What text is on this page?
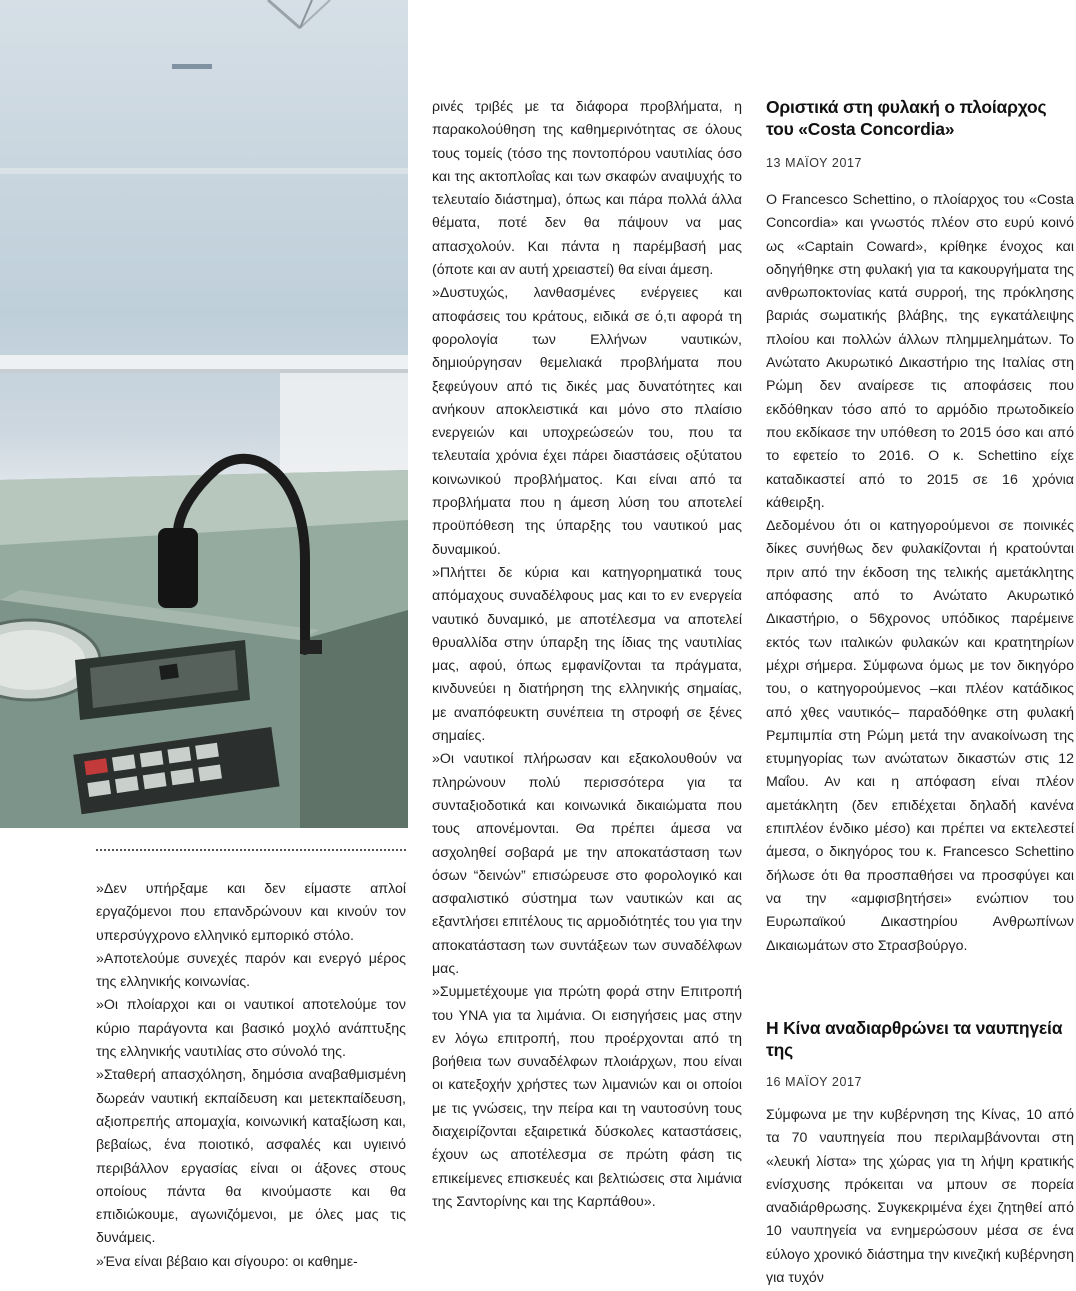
»Δεν υπήρξαμε και δεν είμαστε απλοί εργαζόμενοι που επανδρώνουν και κινούν τον υπερσύγχρονο ελληνικό εμπορικό στόλο.

»Αποτελούμε συνεχές παρόν και ενεργό μέρος της ελληνικής κοινωνίας.

»Οι πλοίαρχοι και οι ναυτικοί αποτελούμε τον κύριο παράγοντα και βασικό μοχλό ανάπτυξης της ελληνικής ναυτιλίας στο σύνολό της.

»Σταθερή απασχόληση, δημόσια αναβαθμισμένη δωρεάν ναυτική εκπαίδευση και μετεκπαίδευση, αξιοπρεπής απομαχία, κοινωνική καταξίωση και, βεβαίως, ένα ποιοτικό, ασφαλές και υγιεινό περιβάλλον εργασίας είναι οι άξονες στους οποίους πάντα θα κινούμαστε και θα επιδιώκουμε, αγωνιζόμενοι, με όλες μας τις δυνάμεις.

»Ένα είναι βέβαιο και σίγουρο: οι καθημε-

ρινές τριβές με τα διάφορα προβλήματα, η παρακολούθηση της καθημερινότητας σε όλους τους τομείς (τόσο της ποντοπόρου ναυτιλίας όσο και της ακτοπλοΐας και των σκαφών αναψυχής το τελευταίο διάστημα), όπως και πάρα πολλά άλλα θέματα, ποτέ δεν θα πάψουν να μας απασχολούν. Και πάντα η παρέμβασή μας (όποτε και αν αυτή χρειαστεί) θα είναι άμεση.

»Δυστυχώς, λανθασμένες ενέργειες και αποφάσεις του κράτους, ειδικά σε ό,τι αφορά τη φορολογία των Ελλήνων ναυτικών, δημιούργησαν θεμελιακά προβλήματα που ξεφεύγουν από τις δικές μας δυνατότητες και ανήκουν αποκλειστικά και μόνο στο πλαίσιο ενεργειών και υποχρεώσεών του, που τα τελευταία χρόνια έχει πάρει διαστάσεις οξύτατου κοινωνικού προβλήματος. Και είναι από τα προβλήματα που η άμεση λύση του αποτελεί προϋπόθεση της ύπαρξης του ναυτικού μας δυναμικού.

»Πλήττει δε κύρια και κατηγορηματικά τους απόμαχους συναδέλφους μας και το εν ενεργεία ναυτικό δυναμικό, με αποτέλεσμα να αποτελεί θρυαλλίδα στην ύπαρξη της ίδιας της ναυτιλίας μας, αφού, όπως εμφανίζονται τα πράγματα, κινδυνεύει η διατήρηση της ελληνικής σημαίας, με αναπόφευκτη συνέπεια τη στροφή σε ξένες σημαίες.

»Οι ναυτικοί πλήρωσαν και εξακολουθούν να πληρώνουν πολύ περισσότερα για τα συνταξιοδοτικά και κοινωνικά δικαιώματα που τους απονέμονται. Θα πρέπει άμεσα να ασχοληθεί σοβαρά με την αποκατάσταση των όσων “δεινών” επισώρευσε στο φορολογικό και ασφαλιστικό σύστημα των ναυτικών και ας εξαντλήσει επιτέλους τις αρμοδιότητές του για την αποκατάσταση των συντάξεων των συναδέλφων μας.

»Συμμετέχουμε για πρώτη φορά στην Επιτροπή του ΥΝΑ για τα λιμάνια. Οι εισηγήσεις μας στην εν λόγω επιτροπή, που προέρχονται από τη βοήθεια των συναδέλφων πλοιάρχων, που είναι οι κατεξοχήν χρήστες των λιμανιών και οι οποίοι με τις γνώσεις, την πείρα και τη ναυτοσύνη τους διαχειρίζονται εξαιρετικά δύσκολες καταστάσεις, έχουν ως αποτέλεσμα σε πρώτη φάση τις επικείμενες επισκευές και βελτιώσεις στα λιμάνια της Σαντορίνης και της Καρπάθου».

Οριστικά στη φυλακή ο πλοίαρχος του «Costa Concordia»

13 ΜΑΪΟΥ 2017

Ο Francesco Schettino, ο πλοίαρχος του «Costa Concordia» και γνωστός πλέον στο ευρύ κοινό ως «Captain Coward», κρίθηκε ένοχος και οδηγήθηκε στη φυλακή για τα κακουργήματα της ανθρωποκτονίας κατά συρροή, της πρόκλησης βαριάς σωματικής βλάβης, της εγκατάλειψης πλοίου και πολλών άλλων πλημμελημάτων. Το Ανώτατο Ακυρωτικό Δικαστήριο της Ιταλίας στη Ρώμη δεν αναίρεσε τις αποφάσεις που εκδόθηκαν τόσο από το αρμόδιο πρωτοδικείο που εκδίκασε την υπόθεση το 2015 όσο και από το εφετείο το 2016. Ο κ. Schettino είχε καταδικαστεί από το 2015 σε 16 χρόνια κάθειρξη.

Δεδομένου ότι οι κατηγορούμενοι σε ποινικές δίκες συνήθως δεν φυλακίζονται ή κρατούνται πριν από την έκδοση της τελικής αμετάκλητης απόφασης από το Ανώτατο Ακυρωτικό Δικαστήριο, ο 56χρονος υπόδικος παρέμεινε εκτός των ιταλικών φυλακών και κρατητηρίων μέχρι σήμερα. Σύμφωνα όμως με τον δικηγόρο του, ο κατηγορούμενος –και πλέον κατάδικος από χθες ναυτικός– παραδόθηκε στη φυλακή Ρεμπιμπία στη Ρώμη μετά την ανακοίνωση της ετυμηγορίας των ανώτατων δικαστών στις 12 Μαΐου. Αν και η απόφαση είναι πλέον αμετάκλητη (δεν επιδέχεται δηλαδή κανένα επιπλέον ένδικο μέσο) και πρέπει να εκτελεστεί άμεσα, ο δικηγόρος του κ. Francesco Schettino δήλωσε ότι θα προσπαθήσει να προσφύγει και να την «αμφισβητήσει» ενώπιον του Ευρωπαϊκού Δικαστηρίου Ανθρωπίνων Δικαιωμάτων στο Στρασβούργο.

Η Κίνα αναδιαρθρώνει τα ναυπηγεία της

16 ΜΑΪΟΥ 2017

Σύμφωνα με την κυβέρνηση της Κίνας, 10 από τα 70 ναυπηγεία που περιλαμβάνονται στη «λευκή λίστα» της χώρας για τη λήψη κρατικής ενίσχυσης πρόκειται να μπουν σε πορεία αναδιάρθρωσης. Συγκεκριμένα έχει ζητηθεί από 10 ναυπηγεία να ενημερώσουν μέσα σε ένα εύλογο χρονικό διάστημα την κινεζική κυβέρνηση για τυχόν
